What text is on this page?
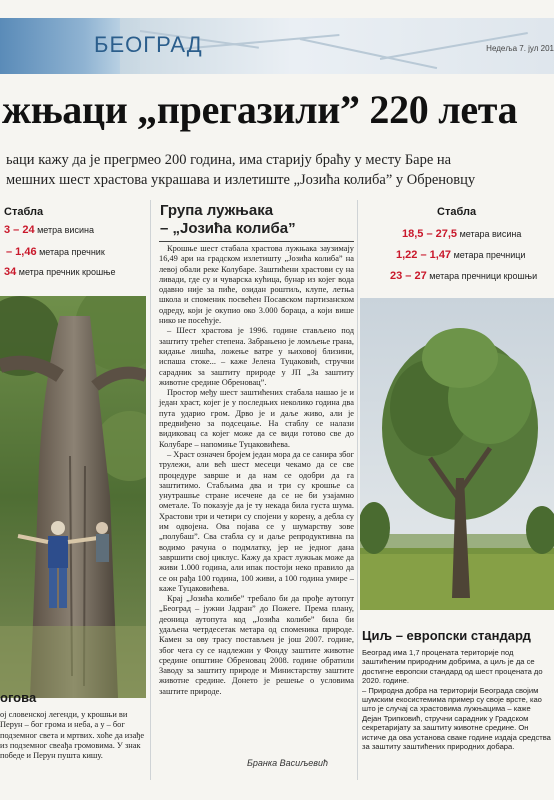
БЕОГРАД	Недеља 7. јул 201
жњаци „прегазили” 220 лета
ьаци кажу да је прегрмео 200 година, има старију браћу у месту Баре на
мешних шест храстова украшава и излетиште „Јозића колиба” у Обреновцу
Стабла
3 – 24 метра висина
– 1,46 метара пречник
34 метра пречник крошње
Група лужњака
– „Јозића колиба”

Крошње шест стабала храстова лужњака заузимају 16,49 ари на градском излетишту „Јозића колиба” на левој обали реке Колубаре. Заштићени храстови су на ливади, где су и чуварска кућица, бунар из којег вода одавно није за пиће, озидан роштиљ, клупе, летња школа и споменик посвећен Посавском партизанском одреду, који је окупио око 3.000 бораца, а који више нико не посећује.

– Шест храстова је 1996. године стављено под заштиту трећег степена. Забрањено је ломљење грана, кидање лишћа, ложење ватре у њиховој близини, испаша стоке... – каже Јелена Туцаковић, стручни сарадник за заштиту природе у ЈП „За заштиту животне средине Обреновац”.

Простор међу шест заштићених стабала нашао је и један храст, којег је у последњих неколико година два пута ударио гром. Дрво је и даље живо, али је предвиђено за подсецање. На стаблу се налази видиковац са којег може да се види готово све до Колубаре – напомиње Туцаковићева.

– Храст означен бројем један мора да се санира због трулежи, али већ шест месеци чекамо да се све процедуре заврше и да нам се одобри да га заштитимо. Стабљима два и три су крошње са унутрашње стране исечене да се не би узајамно ометале. То показује да је ту некада била густа шума. Храстови три и четири су спојени у корену, а дебла су им одвојена. Ова појава се у шумарству зове „полубаш”. Сва стабла су и даље репродуктивна па водимо рачуна о подмлатку, јер не једног дана завршити свој циклус. Кажу да храст лужњак може да живи 1.000 година, али ипак постоји неко правило да се он рађа 100 година, 100 живи, а 100 година умире – каже Туцаковићева.

Крај „Јозића колибе” требало би да прође аутопут „Београд – јужни Јадран” до Пожеге. Према плану, деоница аутопута код „Јозића колибе” била би удаљена четрдесетак метара од споменика природе. Камен за ову трасу постављен је још 2007. године, због чега су се надлежни у Фонду заштите животне средине општине Обреновац 2008. године обратили Заводу за заштиту природе и Министарству заштите животне средине. Донето је решење о условима заштите природе.

Бранка Васиљевић
Стабла
18,5 – 27,5 метара висина
1,22 – 1,47 метара пречници
23 – 27 метара пречници крошњи
огова
ој словенској легенди, у крошњи ви Перун – бог грома и неба, а у – бог подземног света и мртвих. хоће да изађе из подземног свеађа громовима. У знак победе и Перун пушта кишу.
Циљ – европски стандард

Београд има 1,7 процената територије под заштићеним природним добрима, а циљ је да се достигне европски стандард од шест процената до 2020. године.

– Природна добра на територији Београда својим шумским екосистемима пример су своје врсте, као што је случај са храстовима лужњацима – каже Дејан Трипковић, стручни сарадник у Градском секретаријату за заштиту животне средине. Он истиче да ова установа сваке године издаја средства за заштиту заштићених природних добара.
